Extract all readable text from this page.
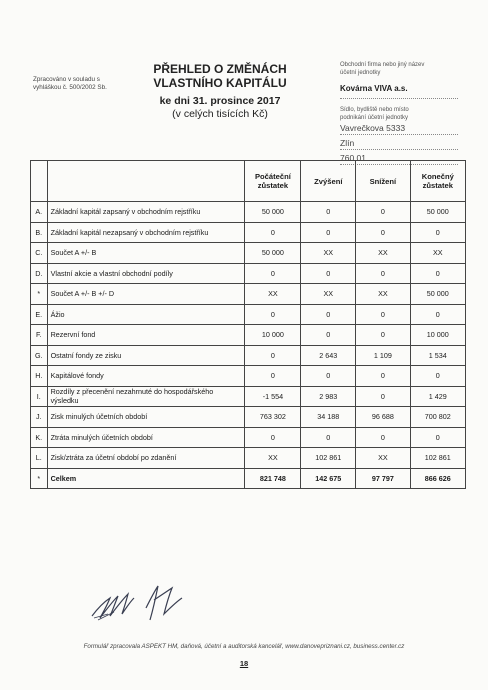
Zpracováno v souladu s
vyhláškou č. 500/2002 Sb.
PŘEHLED O ZMĚNÁCH
VLASTNÍHO KAPITÁLU
ke dni 31. prosince 2017
(v celých tisících Kč)
Obchodní firma nebo jiný název
účetní jednotky
Kovárna VIVA a.s.
Sídlo, bydliště nebo místo
podnikání účetní jednotky
Vavrečkova 5333
Zlín
760 01
		Počáteční zůstatek	Zvýšení	Snížení	Konečný zůstatek
A.	Základní kapitál zapsaný v obchodním rejstříku	50 000	0	0	50 000
B.	Základní kapitál nezapsaný v obchodním rejstříku	0	0	0	0
C.	Součet A +/- B	50 000	XX	XX	XX
D.	Vlastní akcie a vlastní obchodní podíly	0	0	0	0
*	Součet A +/- B +/- D	XX	XX	XX	50 000
E.	Ážio	0	0	0	0
F.	Rezervní fond	10 000	0	0	10 000
G.	Ostatní fondy ze zisku	0	2 643	1 109	1 534
H.	Kapitálové fondy	0	0	0	0
I.	Rozdíly z přecenění nezahrnuté do hospodářského výsledku	-1 554	2 983	0	1 429
J.	Zisk minulých účetních období	763 302	34 188	96 688	700 802
K.	Ztráta minulých účetních období	0	0	0	0
L.	Zisk/ztráta za účetní období po zdanění	XX	102 861	XX	102 861
*	Celkem	821 748	142 675	97 797	866 626
Formulář zpracovala ASPEKT HM, daňová, účetní a auditorská kancelář, www.danovepriznani.cz, business.center.cz
18
